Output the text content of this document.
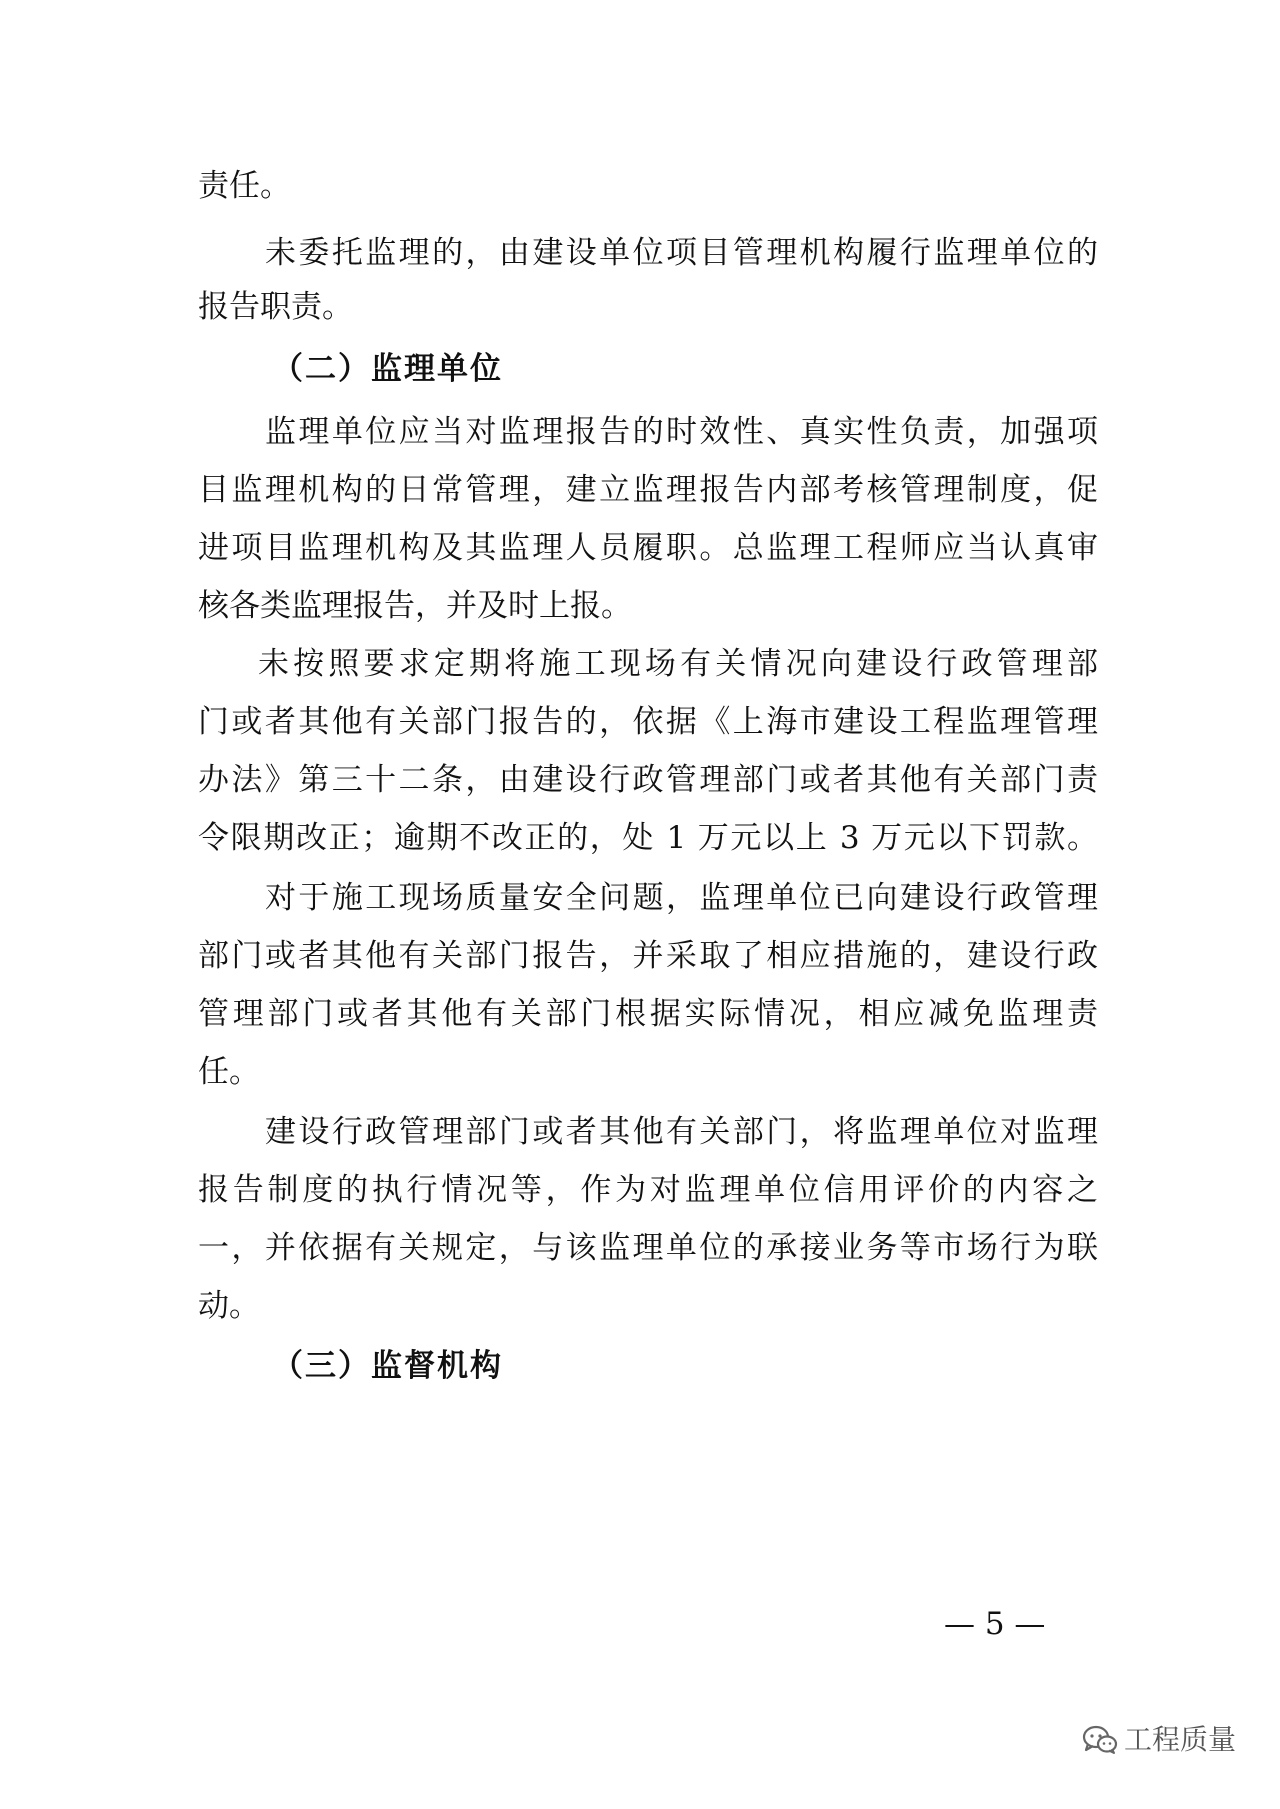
责任。
未委托监理的，由建设单位项目管理机构履行监理单位的
报告职责。
（二）监理单位
监理单位应当对监理报告的时效性、真实性负责，加强项
目监理机构的日常管理，建立监理报告内部考核管理制度，促
进项目监理机构及其监理人员履职。总监理工程师应当认真审
核各类监理报告，并及时上报。
未按照要求定期将施工现场有关情况向建设行政管理部
门或者其他有关部门报告的，依据《上海市建设工程监理管理
办法》第三十二条，由建设行政管理部门或者其他有关部门责
令限期改正；逾期不改正的，处 1 万元以上 3 万元以下罚款。
对于施工现场质量安全问题，监理单位已向建设行政管理
部门或者其他有关部门报告，并采取了相应措施的，建设行政
管理部门或者其他有关部门根据实际情况，相应减免监理责
任。
建设行政管理部门或者其他有关部门，将监理单位对监理
报告制度的执行情况等，作为对监理单位信用评价的内容之
一，并依据有关规定，与该监理单位的承接业务等市场行为联
动。
（三）监督机构
— 5 —
工程质量
